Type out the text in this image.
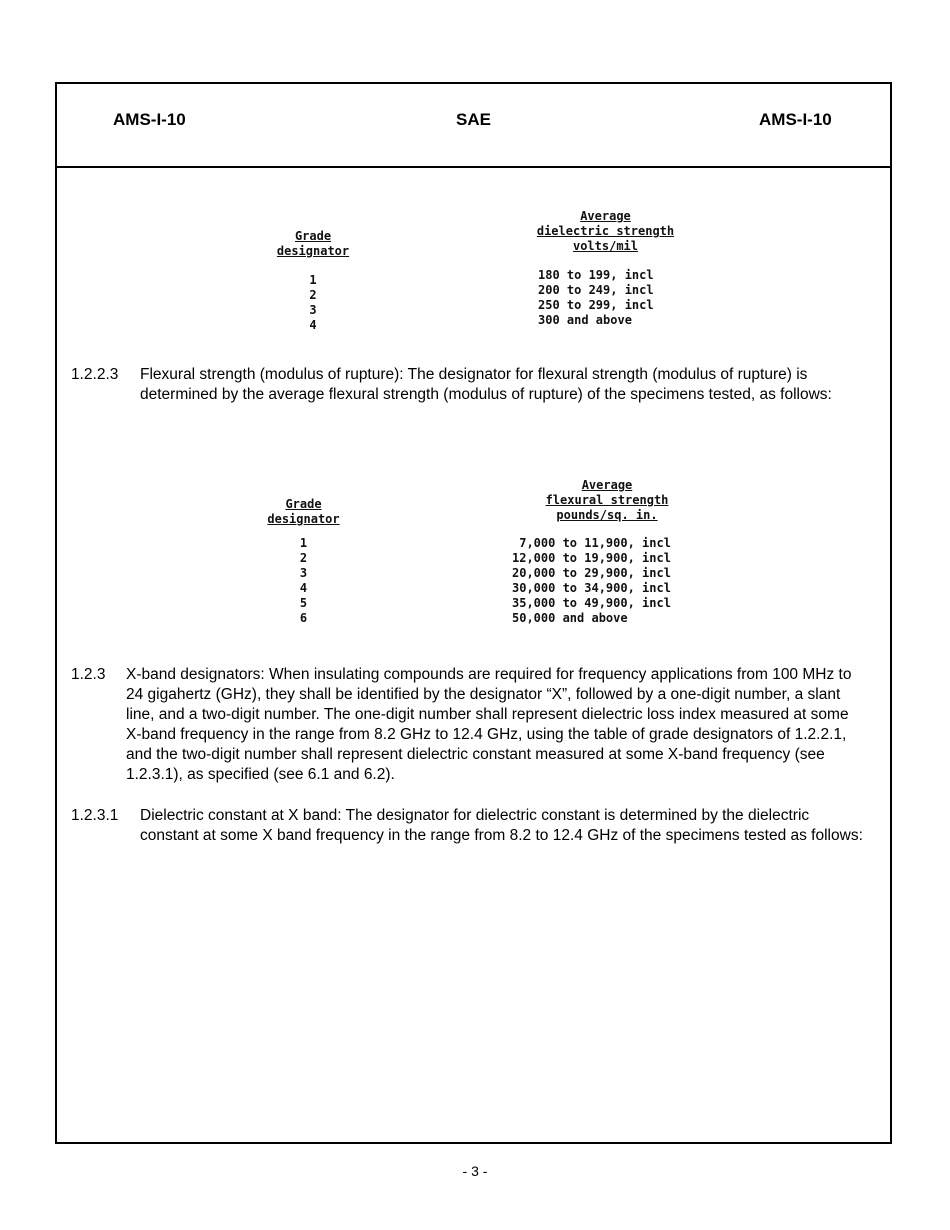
AMS-I-10	SAE	AMS-I-10
Grade
designator
1
2
3
4
Average
dielectric strength
volts/mil
180 to 199, incl
200 to 249, incl
250 to 299, incl
300 and above
1.2.2.3 Flexural strength (modulus of rupture): The designator for flexural strength (modulus of rupture) is determined by the average flexural strength (modulus of rupture) of the specimens tested, as follows:
Grade
designator
1
2
3
4
5
6
Average
flexural strength
pounds/sq. in.
7,000 to 11,900, incl
12,000 to 19,900, incl
20,000 to 29,900, incl
30,000 to 34,900, incl
35,000 to 49,900, incl
50,000 and above
1.2.3 X-band designators: When insulating compounds are required for frequency applications from 100 MHz to 24 gigahertz (GHz), they shall be identified by the designator “X”, followed by a one-digit number, a slant line, and a two-digit number. The one-digit number shall represent dielectric loss index measured at some X-band frequency in the range from 8.2 GHz to 12.4 GHz, using the table of grade designators of 1.2.2.1, and the two-digit number shall represent dielectric constant measured at some X-band frequency (see 1.2.3.1), as specified (see 6.1 and 6.2).
1.2.3.1 Dielectric constant at X band: The designator for dielectric constant is determined by the dielectric constant at some X band frequency in the range from 8.2 to 12.4 GHz of the specimens tested as follows:
- 3 -
